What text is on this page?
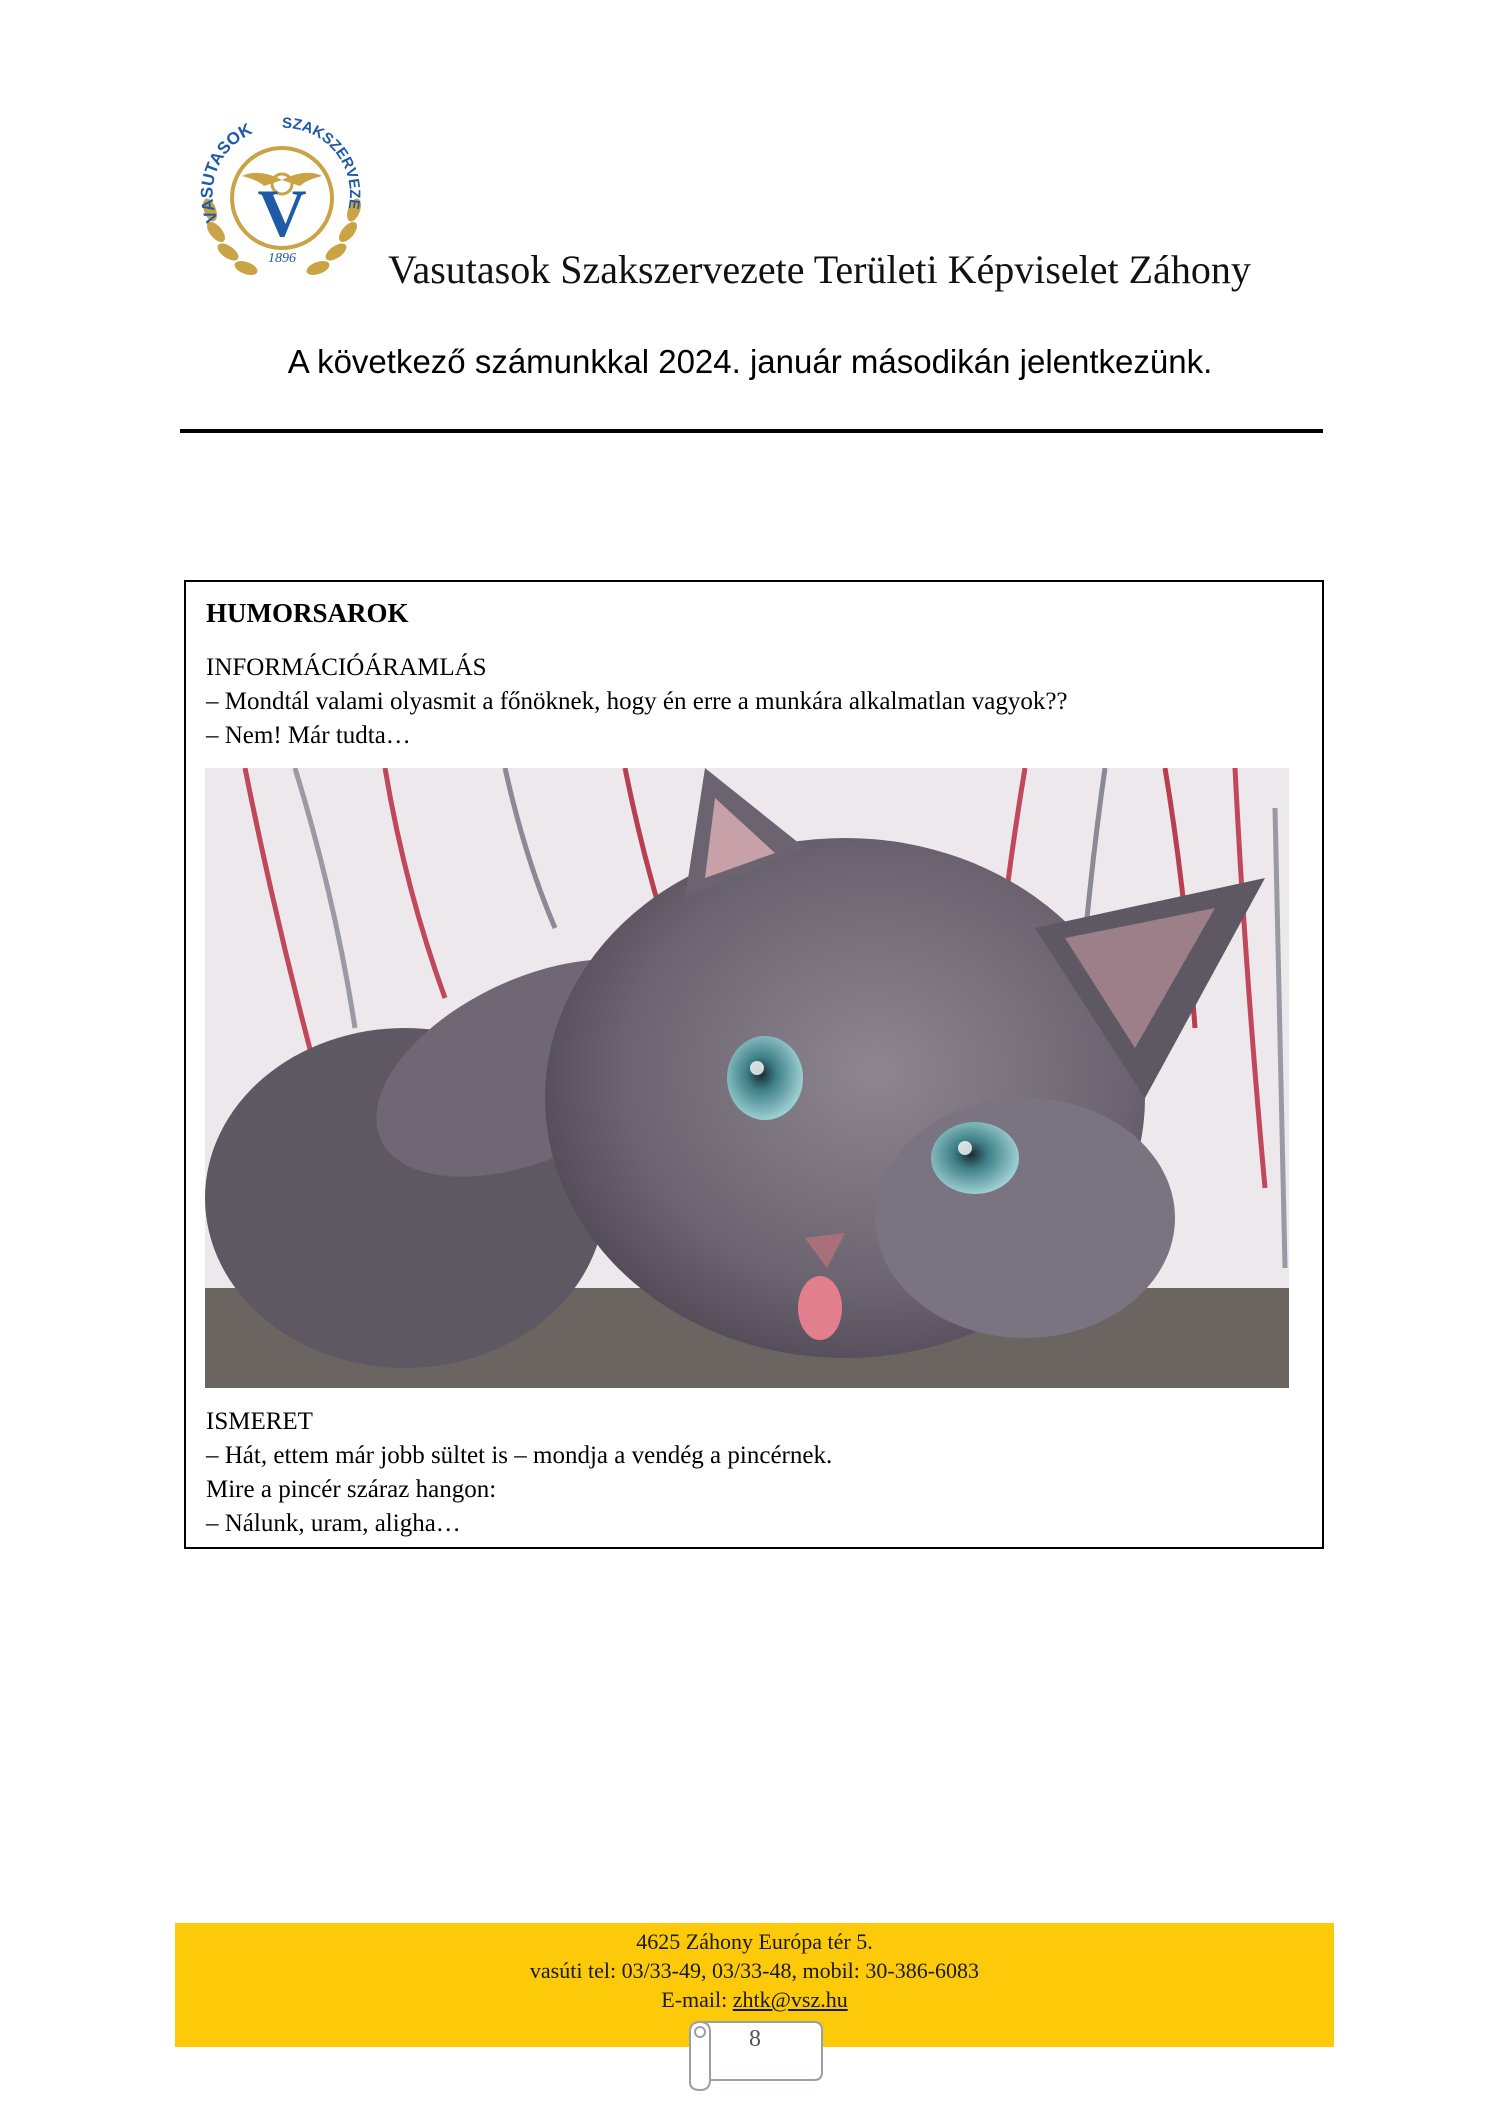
VASUTASOK	SZAKSZERVEZE
V
1896 Vasutasok Szakszervezete Területi Képviselet Záhony
A következő számunkkal 2024. január másodikán jelentkezünk.
HUMORSAROK
INFORMÁCIÓÁRAMLÁS
– Mondtál valami olyasmit a főnöknek, hogy én erre a munkára alkalmatlan vagyok??
– Nem! Már tudta…
ISMERET
– Hát, ettem már jobb sültet is – mondja a vendég a pincérnek.
Mire a pincér száraz hangon:
– Nálunk, uram, aligha…
4625 Záhony Európa tér 5.
vasúti tel: 03/33-49, 03/33-48, mobil: 30-386-6083
E-mail: zhtk@vsz.hu
8
